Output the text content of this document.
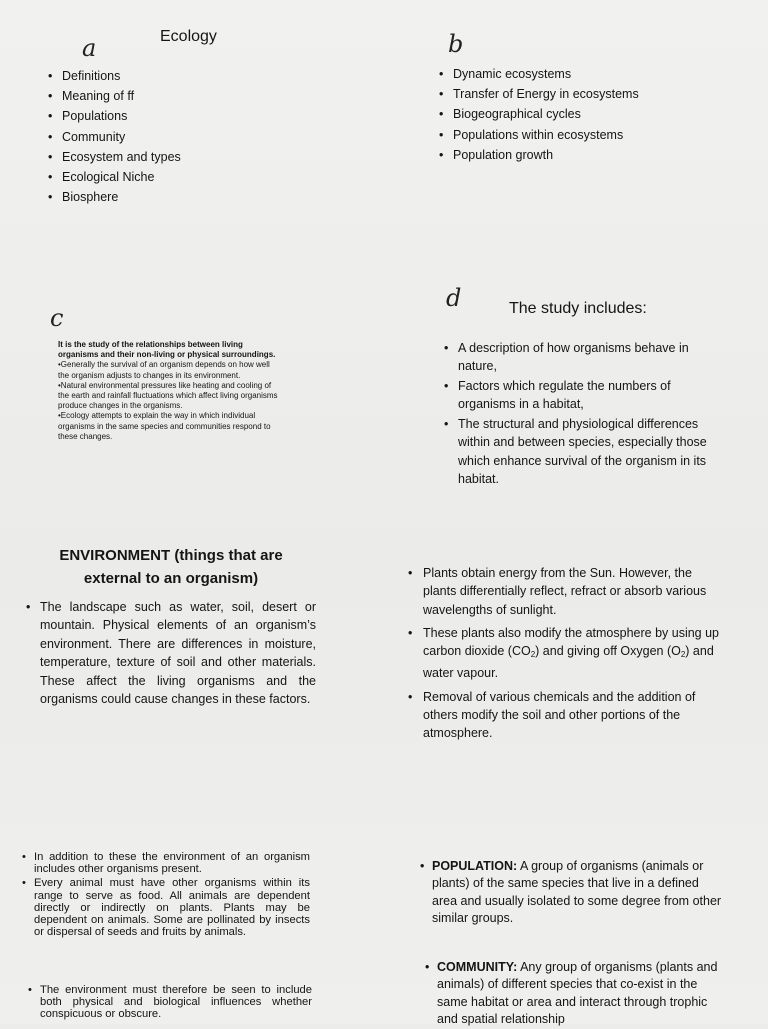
a	Ecology
• Definitions
• Meaning of ff
• Populations
• Community
• Ecosystem and types
• Ecological Niche
• Biosphere
b
• Dynamic ecosystems
• Transfer of Energy in ecosystems
• Biogeographical cycles
• Populations within ecosystems
• Population growth
c

It is the study of the relationships between living organisms and their non-living or physical surroundings.

•Generally the survival of an organism depends on how well the organism adjusts to changes in its environment.

•Natural environmental pressures like heating and cooling of the earth and rainfall fluctuations which affect living organisms produce changes in the organisms.

•Ecology attempts to explain the way in which individual organisms in the same species and communities respond to these changes.

d	The study includes:
• A description of how organisms behave in nature,
• Factors which regulate the numbers of organisms in a habitat,
• The structural and physiological differences within and between species, especially those which enhance survival of the organism in its habitat.
ENVIRONMENT (things that are external to an organism)
• The landscape such as water, soil, desert or mountain. Physical elements of an organism’s environment. There are differences in moisture, temperature, texture of soil and other materials. These affect the living organisms and the organisms could cause changes in these factors.
• Plants obtain energy from the Sun. However, the plants differentially reflect, refract or absorb various wavelengths of sunlight.
• These plants also modify the atmosphere by using up carbon dioxide $(CO_2)$ and giving off Oxygen $(O_2)$ and water vapour.
• Removal of various chemicals and the addition of others modify the soil and other portions of the atmosphere.
• In addition to these the environment of an organism includes other organisms present.
• Every animal must have other organisms within its range to serve as food. All animals are dependent directly or indirectly on plants. Plants may be dependent on animals. Some are pollinated by insects or dispersal of seeds and fruits by animals.
• The environment must therefore be seen to include both physical and biological influences whether conspicuous or obscure.
• POPULATION: A group of organisms (animals or plants) of the same species that live in a defined area and usually isolated to some degree from other similar groups.
• COMMUNITY: Any group of organisms (plants and animals) of different species that co-exist in the same habitat or area and interact through trophic and spatial relationship
